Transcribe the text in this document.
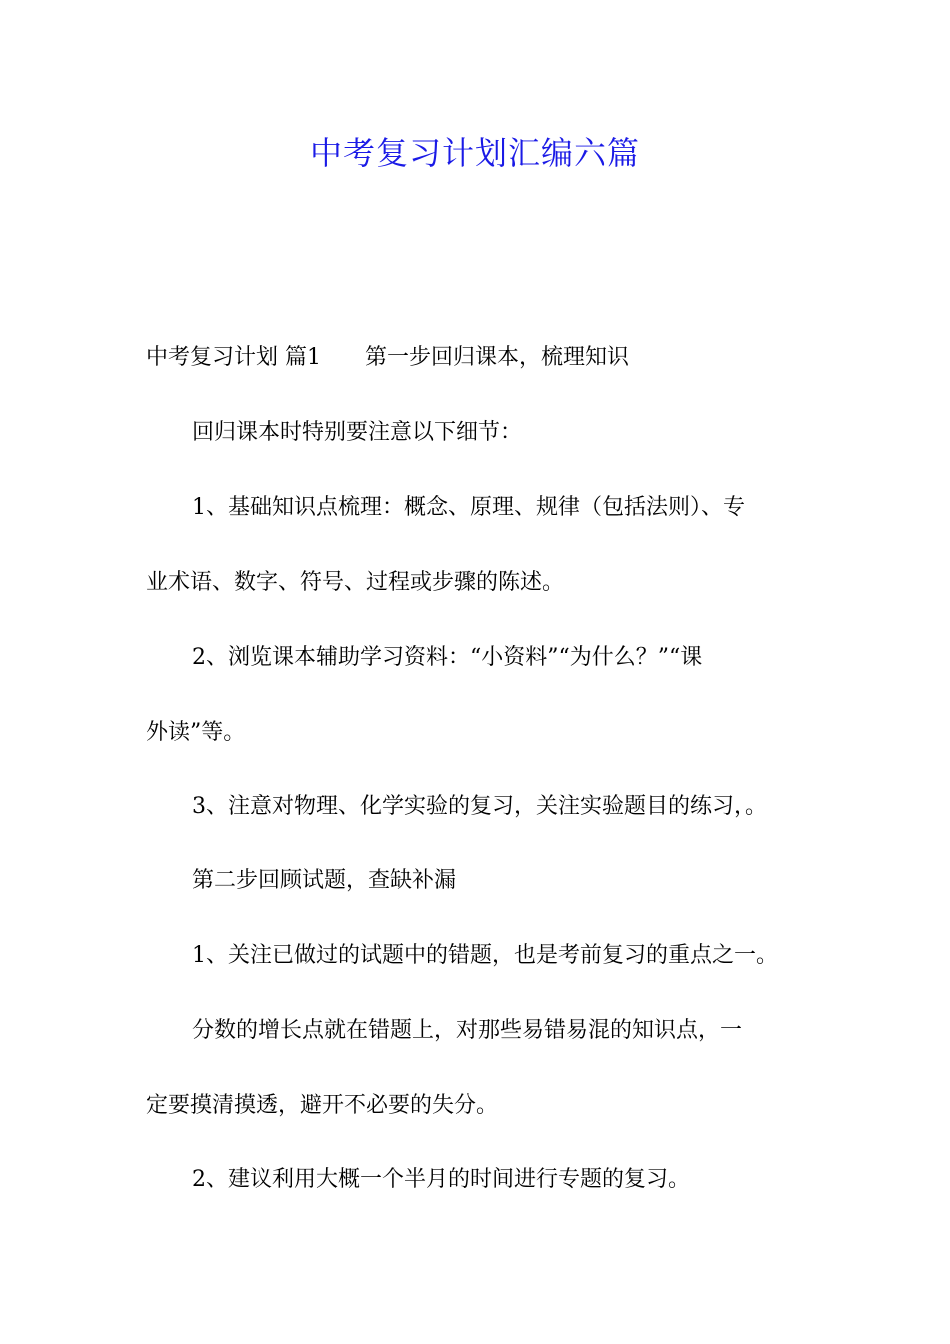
中考复习计划汇编六篇
中考复习计划 篇1 第一步回归课本，梳理知识
回归课本时特别要注意以下细节：
1、基础知识点梳理：概念、原理、规律（包括法则）、专
业术语、数字、符号、过程或步骤的陈述。
2、浏览课本辅助学习资料：“小资料”“为什么？”“课
外读”等。
3、注意对物理、化学实验的复习，关注实验题目的练习，。
第二步回顾试题，查缺补漏
1、关注已做过的试题中的错题，也是考前复习的重点之一。
分数的增长点就在错题上，对那些易错易混的知识点，一
定要摸清摸透，避开不必要的失分。
2、建议利用大概一个半月的时间进行专题的复习。
